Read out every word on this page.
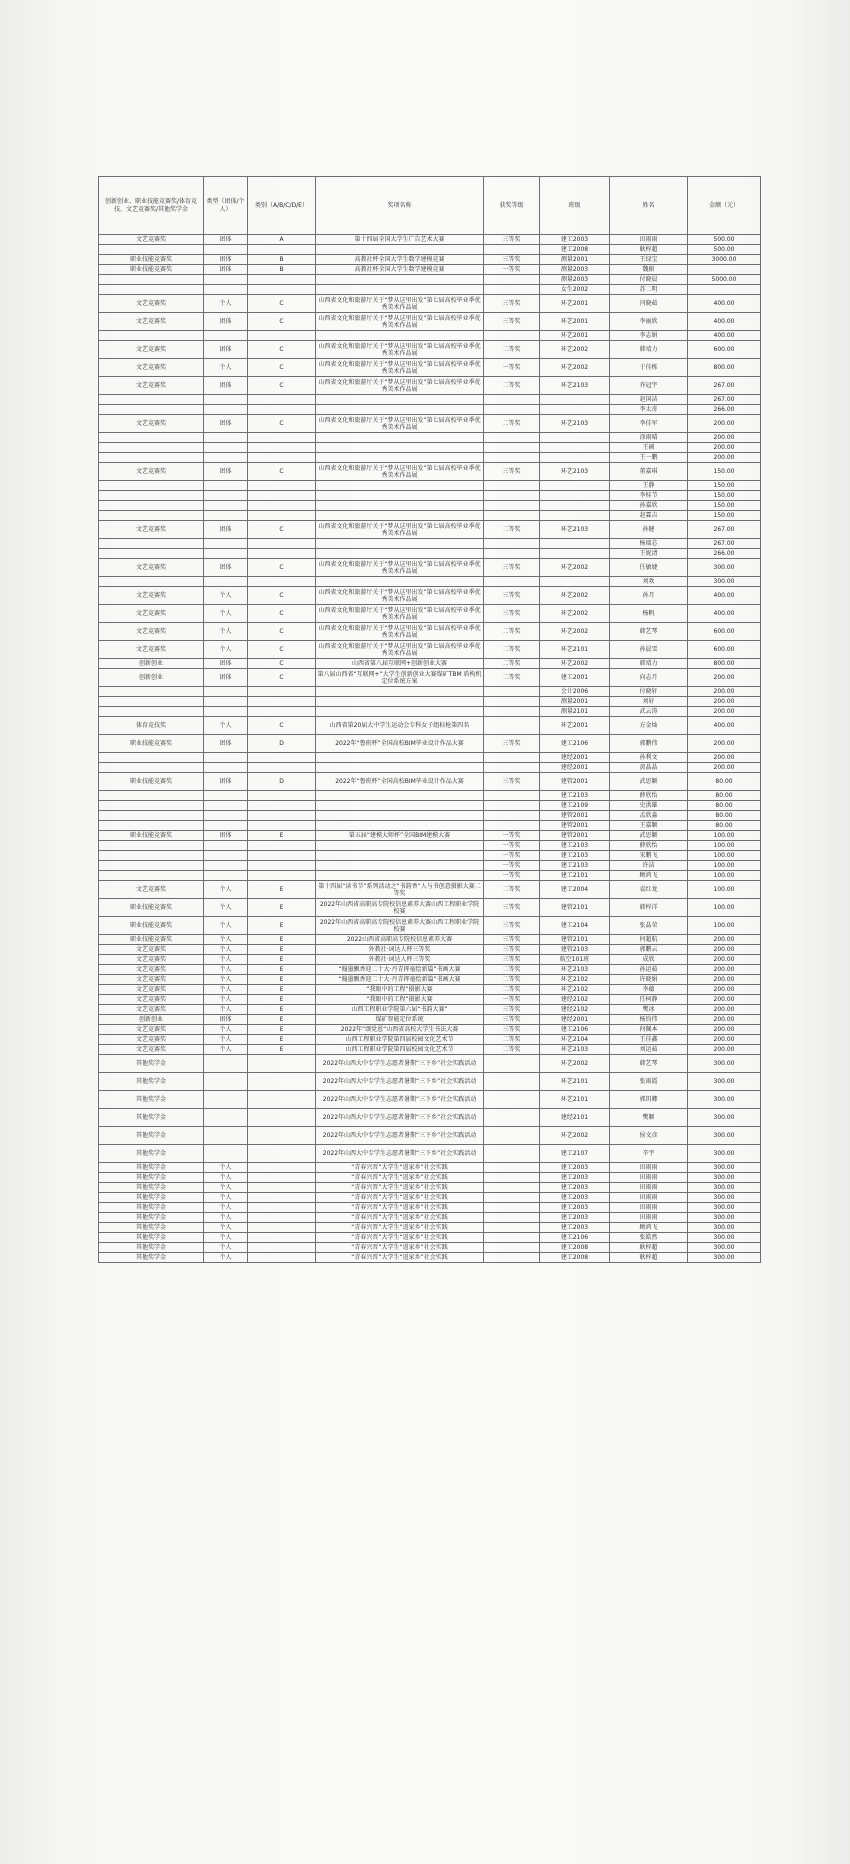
创新创业、职业技能竞赛奖/体育竞技、文艺竞赛奖/其他奖学金	类型（团体/个人）	类别（A/B/C/D/E）	奖项名称	获奖等级	班级	姓名	金额（元）
文艺竞赛奖	团体	A	第十四届全国大学生广告艺术大赛	三等奖	建工2003	田雨雨	500.00
					建工2008	耿梓超	500.00
职业技能竞赛奖	团体	B	高教社杯全国大学生数学建模竞赛	三等奖	测量2001	王绿宝	3000.00
职业技能竞赛奖	团体	B	高教社杯全国大学生数学建模竞赛	一等奖	测量2003	魏振	
					测量2003	付晓晨	5000.00
					女生2002	苏二明	
文艺竞赛奖	个人	C	山西省文化和旅游厅关于“梦从这里出发”第七届高校毕业季优秀美术作品展	三等奖	环艺2001	闫晓茹	400.00
文艺竞赛奖	团体	C	山西省文化和旅游厅关于“梦从这里出发”第七届高校毕业季优秀美术作品展	三等奖	环艺2001	李丽欣	400.00
					环艺2001	李志娟	400.00
文艺竞赛奖	团体	C	山西省文化和旅游厅关于“梦从这里出发”第七届高校毕业季优秀美术作品展	二等奖	环艺2002	韩靖力	600.00
文艺竞赛奖	个人	C	山西省文化和旅游厅关于“梦从这里出发”第七届高校毕业季优秀美术作品展	一等奖	环艺2002	于佳栋	800.00
文艺竞赛奖	团体	C	山西省文化和旅游厅关于“梦从这里出发”第七届高校毕业季优秀美术作品展	二等奖	环艺2103	乔冠宇	267.00
						赵国洁	267.00
						李太奇	266.00
文艺竞赛奖	团体	C	山西省文化和旅游厅关于“梦从这里出发”第七届高校毕业季优秀美术作品展	二等奖	环艺2103	李佳军	200.00
						涂雨晴	200.00
						王硕	200.00
						王一鹏	200.00
文艺竞赛奖	团体	C	山西省文化和旅游厅关于“梦从这里出发”第七届高校毕业季优秀美术作品展	三等奖	环艺2103	董嘉琪	150.00
						王静	150.00
						李桂节	150.00
						孙嘉欣	150.00
						赵霖吉	150.00
文艺竞赛奖	团体	C	山西省文化和旅游厅关于“梦从这里出发”第七届高校毕业季优秀美术作品展	二等奖	环艺2103	孙健	267.00
						杨瑞芯	267.00
						王妮清	266.00
文艺竞赛奖	团体	C	山西省文化和旅游厅关于“梦从这里出发”第七届高校毕业季优秀美术作品展	三等奖	环艺2002	任敏婕	300.00
						刘欢	300.00
文艺竞赛奖	个人	C	山西省文化和旅游厅关于“梦从这里出发”第七届高校毕业季优秀美术作品展	三等奖	环艺2002	孙月	400.00
文艺竞赛奖	个人	C	山西省文化和旅游厅关于“梦从这里出发”第七届高校毕业季优秀美术作品展	三等奖	环艺2002	杨帆	400.00
文艺竞赛奖	个人	C	山西省文化和旅游厅关于“梦从这里出发”第七届高校毕业季优秀美术作品展	二等奖	环艺2002	韩艺琴	600.00
文艺竞赛奖	个人	C	山西省文化和旅游厅关于“梦从这里出发”第七届高校毕业季优秀美术作品展	二等奖	环艺2101	孙晨雪	600.00
创新创业	团体	C	山西省第八届互联网+创新创业大赛	二等奖	环艺2002	韩靖力	800.00
创新创业	团体	C	第八届山西省“互联网+”大学生创新创业大赛煤矿TBM 盾构机定位系统方案	二等奖	建工2001	向志月	200.00
					会计2006	付晓轩	200.00
					测量2001	刘轩	200.00
					测量2101	武云涛	200.00
体育竞技奖	个人	C	山西省第20届大中学生运动会专科女子组标枪第四名		环艺2001	方金灿	400.00
职业技能竞赛奖	团体	D	2022年“鲁班杯”全国高校BIM毕业设计作品大赛	三等奖	建工2106	郭鹏伟	200.00
					建经2001	孙利文	200.00
					建经2001	黄晶晶	200.00
职业技能竞赛奖	团体	D	2022年“鲁班杯”全国高校BIM毕业设计作品大赛	三等奖	建管2001	武思颖	80.00
					建工2103	薛欣怡	80.00
					建工2109	史洪雄	80.00
					建管2001	孟欣淼	80.00
					建管2001	王嘉颖	80.00
职业技能竞赛奖	团体	E	第五届“建模大师杯”全国BIM建模大赛	一等奖	建管2001	武思颖	100.00
				一等奖	建工2103	薛欣怡	100.00
				一等奖	建工2103	宋鹏飞	100.00
				一等奖	建工2103	许洁	100.00
				一等奖	建工2101	顾鸿飞	100.00
文艺竞赛奖	个人	E	第十四届“读书节”系列活动之“书韵香”人与书创意摄影大赛二等奖	二等奖	建工2004	袁红龙	100.00
职业技能竞赛奖	个人	E	2022年山西省高职高专院校信息素养大赛山西工程职业学院校赛	三等奖	建管2101	韩梓洋	100.00
职业技能竞赛奖	个人	E	2022年山西省高职高专院校信息素养大赛山西工程职业学院校赛	三等奖	建工2104	张晶荣	100.00
职业技能竞赛奖	个人	E	2022山西省高职高专院校信息素养大赛	三等奖	建管2101	何超航	200.00
文艺竞赛奖	个人	E	外教社·词达人杯三等奖	三等奖	建管2103	郭鹏云	200.00
文艺竞赛奖	个人	E	外教社·词达人杯三等奖	三等奖	航空101班	成欣	200.00
文艺竞赛奖	个人	E	“翰墨飘香迎二十大·丹青挥毫绘新篇”书画大赛	二等奖	环艺2103	孙运茹	200.00
文艺竞赛奖	个人	E	“翰墨飘香迎二十大·丹青挥毫绘新篇”书画大赛	二等奖	环艺2102	许晓娟	200.00
文艺竞赛奖	个人	E	“我眼中的工程”摄影大赛	二等奖	环艺2102	李蕴	200.00
文艺竞赛奖	个人	E	“我眼中的工程”摄影大赛	一等奖	建经2102	任柯静	200.00
文艺竞赛奖	个人	E	山西工程职业学院第六届“书韵大赛”	三等奖	建经2102	樊冰	200.00
创新创业	团体	E	煤矿智能定位系统	三等奖	建经2001	杨钧伟	200.00
文艺竞赛奖	个人	E	2022年“颂党恩”山西省高校大学生书法大赛	三等奖	建工2106	何佩本	200.00
文艺竞赛奖	个人	E	山西工程职业学院第四届校园文化艺术节	二等奖	环艺2104	王佳鑫	200.00
文艺竞赛奖	个人	E	山西工程职业学院第四届校园文化艺术节	二等奖	环艺2103	刘运茹	200.00
其他奖学金			2022年山西大中专学生志愿者暑期“三下乡”社会实践活动		环艺2002	韩艺琴	300.00
其他奖学金			2022年山西大中专学生志愿者暑期“三下乡”社会实践活动		环艺2101	张雨霞	300.00
其他奖学金			2022年山西大中专学生志愿者暑期“三下乡”社会实践活动		环艺2101	郭玥卿	300.00
其他奖学金			2022年山西大中专学生志愿者暑期“三下乡”社会实践活动		建经2101	樊颖	300.00
其他奖学金			2022年山西大中专学生志愿者暑期“三下乡”社会实践活动		环艺2002	侯文彦	300.00
其他奖学金			2022年山西大中专学生志愿者暑期“三下乡”社会实践活动		建工2107	辛宇	300.00
其他奖学金	个人		“青春兴晋”大学生“返家乡”社会实践		建工2003	田雨雨	300.00
其他奖学金	个人		“青春兴晋”大学生“返家乡”社会实践		建工2003	田雨雨	300.00
其他奖学金	个人		“青春兴晋”大学生“返家乡”社会实践		建工2003	田雨雨	300.00
其他奖学金	个人		“青春兴晋”大学生“返家乡”社会实践		建工2003	田雨雨	300.00
其他奖学金	个人		“青春兴晋”大学生“返家乡”社会实践		建工2003	田雨雨	300.00
其他奖学金	个人		“青春兴晋”大学生“返家乡”社会实践		建工2003	田雨雨	300.00
其他奖学金	个人		“青春兴晋”大学生“返家乡”社会实践		建工2003	顾鸿飞	300.00
其他奖学金	个人		“青春兴晋”大学生“返家乡”社会实践		建工2106	张皓然	300.00
其他奖学金	个人		“青春兴晋”大学生“返家乡”社会实践		建工2008	耿梓超	300.00
其他奖学金	个人		“青春兴晋”大学生“返家乡”社会实践		建工2008	耿梓超	300.00
